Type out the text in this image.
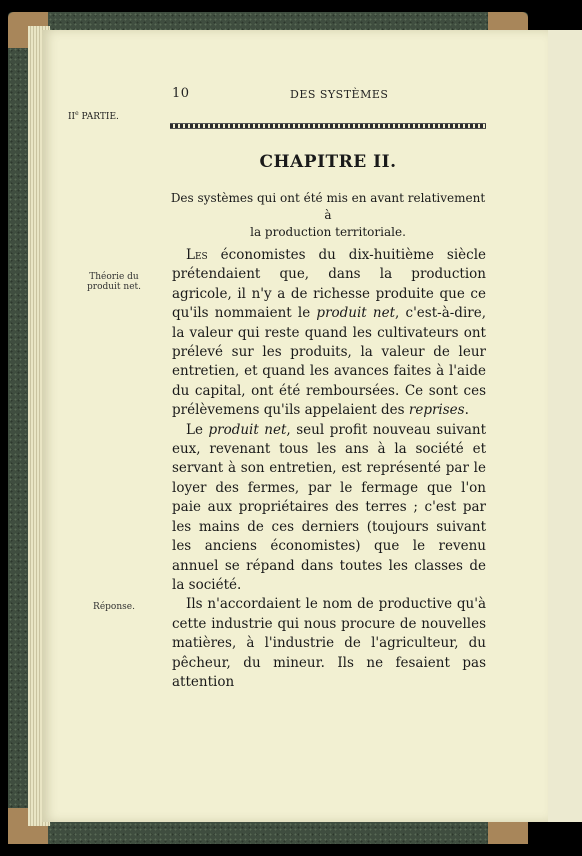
10	DES SYSTÈMES
IIe PARTIE.
CHAPITRE II.
Des systèmes qui ont été mis en avant relativement à
la production territoriale.
Théorie du
produit net.
Réponse.

Les économistes du dix-huitième siècle prétendaient que, dans la production agricole, il n'y a de richesse produite que ce qu'ils nommaient le produit net, c'est-à-dire, la valeur qui reste quand les cultivateurs ont prélevé sur les produits, la valeur de leur entretien, et quand les avances faites à l'aide du capital, ont été remboursées. Ce sont ces prélèvemens qu'ils appelaient des reprises.

Le produit net, seul profit nouveau suivant eux, revenant tous les ans à la société et servant à son entretien, est représenté par le loyer des fermes, par le fermage que l'on paie aux propriétaires des terres ; c'est par les mains de ces derniers (toujours suivant les anciens économistes) que le revenu annuel se répand dans toutes les classes de la société.

Ils n'accordaient le nom de productive qu'à cette industrie qui nous procure de nouvelles matières, à l'industrie de l'agriculteur, du pêcheur, du mineur. Ils ne fesaient pas attention
